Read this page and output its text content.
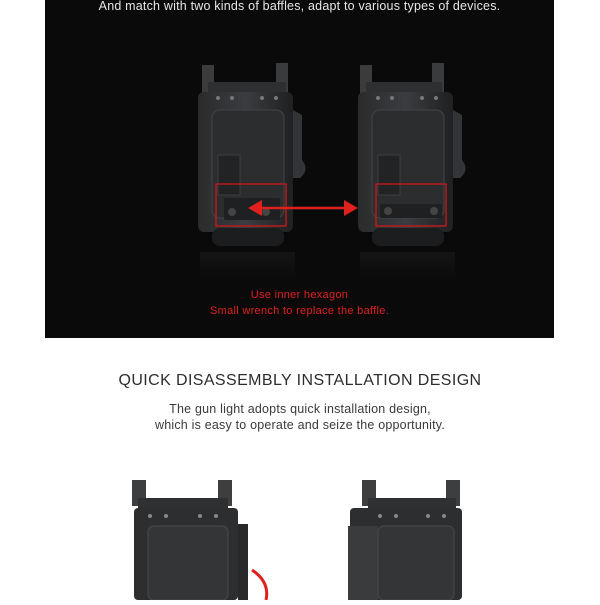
And match with two kinds of baffles, adapt to various types of devices.
Use inner hexagon
Small wrench to replace the baffle.
QUICK DISASSEMBLY INSTALLATION DESIGN
The gun light adopts quick installation design,
which is easy to operate and seize the opportunity.
